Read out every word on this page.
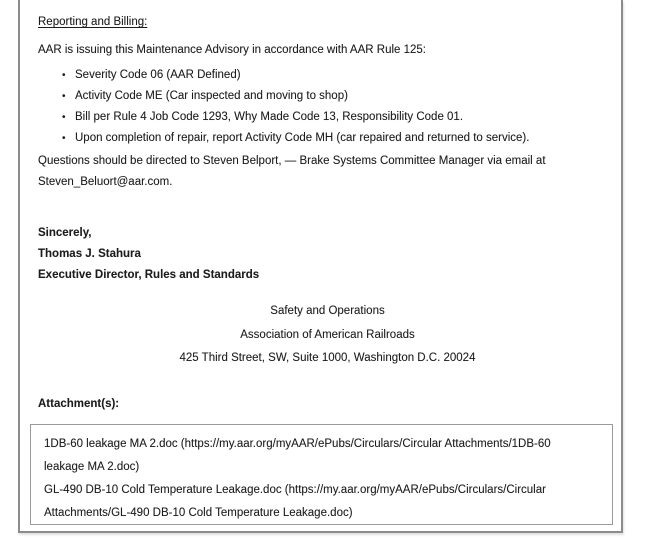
Reporting and Billing:

AAR is issuing this Maintenance Advisory in accordance with AAR Rule 125:

• Severity Code 06 (AAR Defined)
• Activity Code ME (Car inspected and moving to shop)
• Bill per Rule 4 Job Code 1293, Why Made Code 13, Responsibility Code 01.
• Upon completion of repair, report Activity Code MH (car repaired and returned to service).

Questions should be directed to Steven Belport, — Brake Systems Committee Manager via email at
Steven_Beluort@aar.com.

Sincerely,
Thomas J. Stahura
Executive Director, Rules and Standards
Safety and Operations
Association of American Railroads
425 Third Street, SW, Suite 1000, Washington D.C. 20024

Attachment(s):

1DB-60 leakage MA 2.doc (https://my.aar.org/myAAR/ePubs/Circulars/Circular Attachments/1DB-60
leakage MA 2.doc)
GL-490 DB-10 Cold Temperature Leakage.doc (https://my.aar.org/myAAR/ePubs/Circulars/Circular
Attachments/GL-490 DB-10 Cold Temperature Leakage.doc)
